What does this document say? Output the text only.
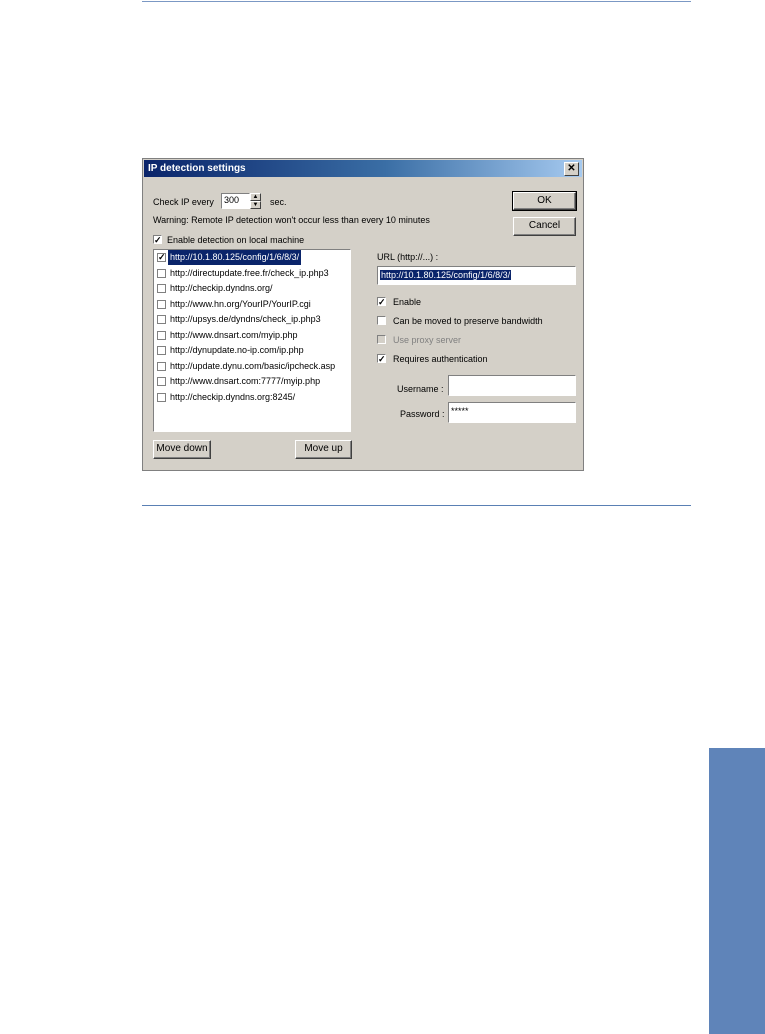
IP detection settings	✕
Check IP every	300	▲
▼ sec.
Warning: Remote IP detection won't occur less than every 10 minutes
OK
Cancel
✓ Enable detection on local machine
✓ http://10.1.80.125/config/1/6/8/3/
http://directupdate.free.fr/check_ip.php3
http://checkip.dyndns.org/
http://www.hn.org/YourIP/YourIP.cgi
http://upsys.de/dyndns/check_ip.php3
http://www.dnsart.com/myip.php
http://dynupdate.no-ip.com/ip.php
http://update.dynu.com/basic/ipcheck.asp
http://www.dnsart.com:7777/myip.php
http://checkip.dyndns.org:8245/
Move down	Move up
URL (http://...) :
http://10.1.80.125/config/1/6/8/3/
✓ Enable
Can be moved to preserve bandwidth
Use proxy server
✓ Requires authentication
Username :
Password : *****
